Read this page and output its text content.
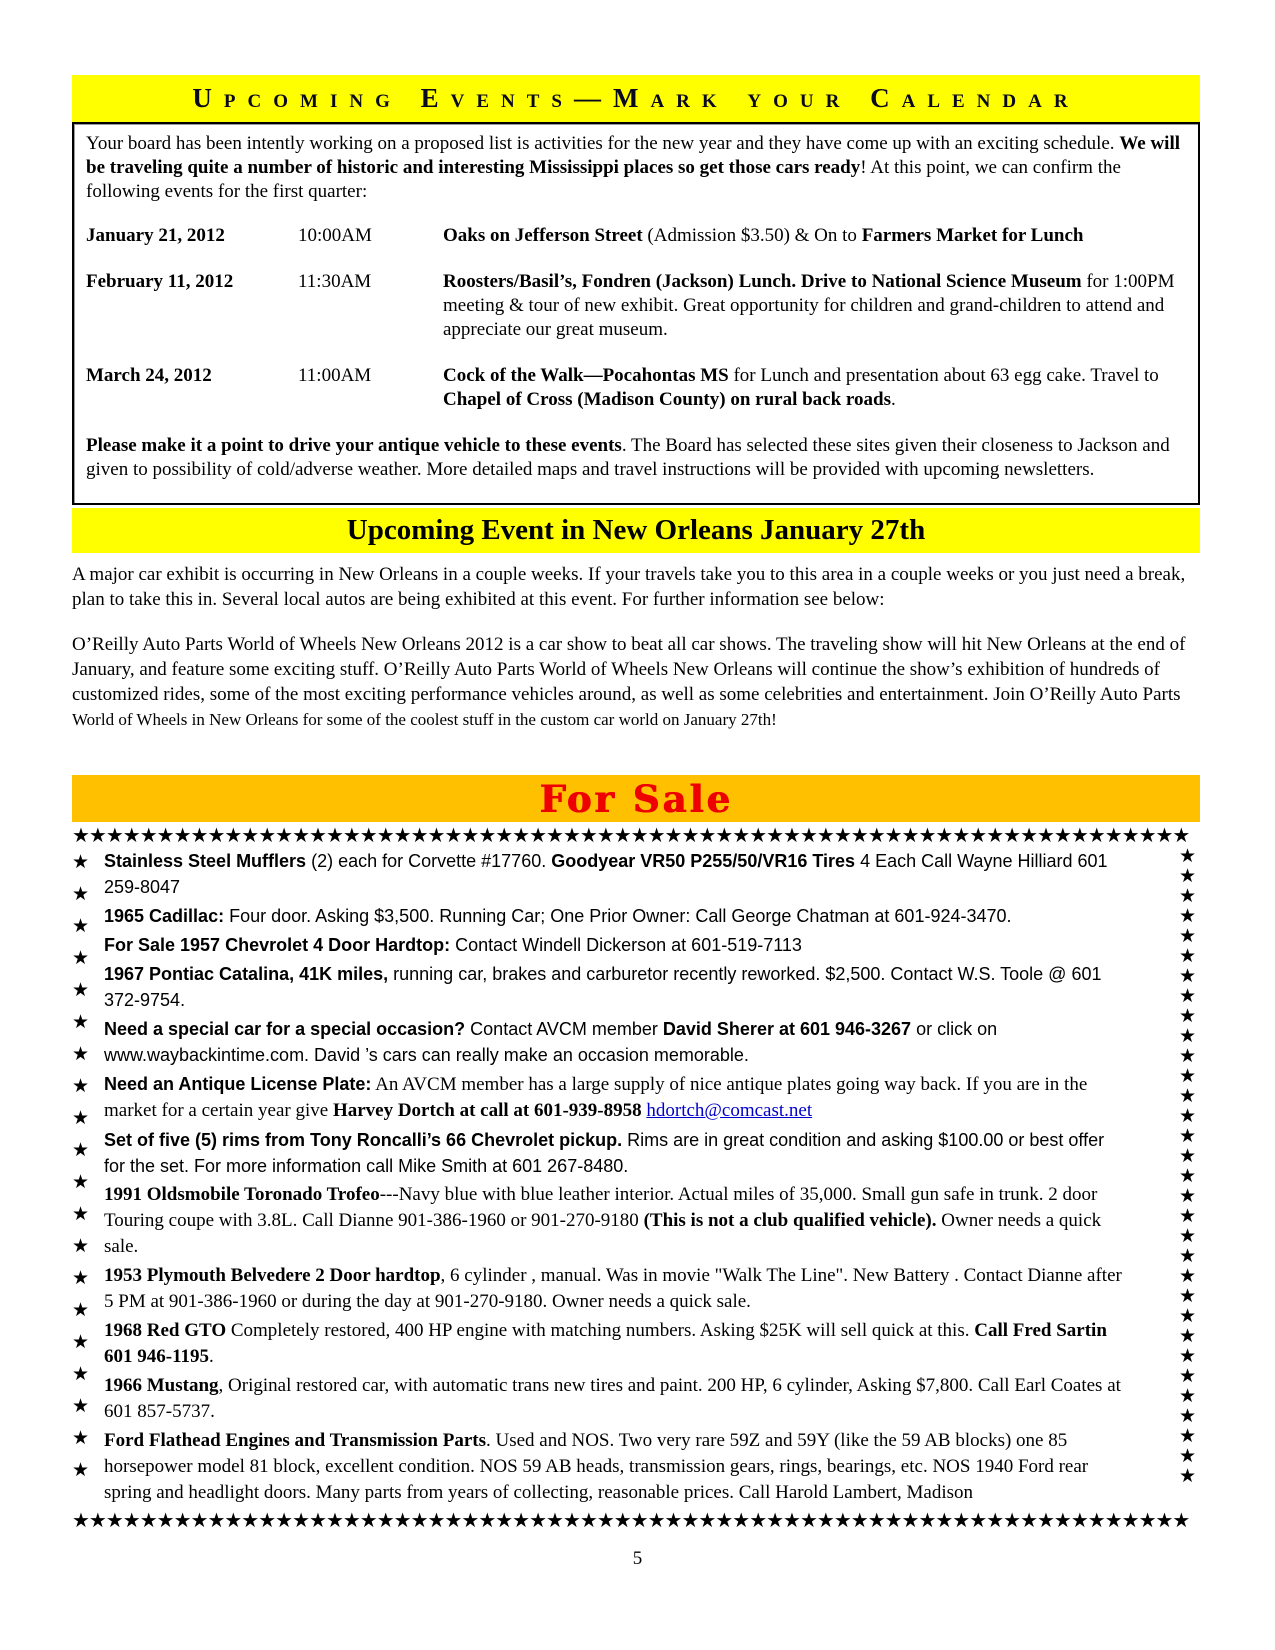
Upcoming Events—Mark your Calendar

Your board has been intently working on a proposed list is activities for the new year and they have come up with an exciting schedule. We will be traveling quite a number of historic and interesting Mississippi places so get those cars ready! At this point, we can confirm the following events for the first quarter:

January 21, 2012	10:00AM	Oaks on Jefferson Street (Admission $3.50) & On to Farmers Market for Lunch
February 11, 2012	11:30AM	Roosters/Basil’s, Fondren (Jackson) Lunch. Drive to National Science Museum for 1:00PM meeting & tour of new exhibit. Great opportunity for children and grand-children to attend and appreciate our great museum.
March 24, 2012	11:00AM	Cock of the Walk—Pocahontas MS for Lunch and presentation about 63 egg cake. Travel to Chapel of Cross (Madison County) on rural back roads.

Please make it a point to drive your antique vehicle to these events. The Board has selected these sites given their closeness to Jackson and given to possibility of cold/adverse weather. More detailed maps and travel instructions will be provided with upcoming newsletters.

Upcoming Event in New Orleans January 27th

A major car exhibit is occurring in New Orleans in a couple weeks. If your travels take you to this area in a couple weeks or you just need a break, plan to take this in. Several local autos are being exhibited at this event. For further information see below:

O’Reilly Auto Parts World of Wheels New Orleans 2012 is a car show to beat all car shows. The traveling show will hit New Orleans at the end of January, and feature some exciting stuff. O’Reilly Auto Parts World of Wheels New Orleans will continue the show’s exhibition of hundreds of customized rides, some of the most exciting performance vehicles around, as well as some celebrities and entertainment. Join O’Reilly Auto Parts World of Wheels in New Orleans for some of the coolest stuff in the custom car world on January 27th!

For Sale
★★★★★★★★★★★★★★★★★★★★★★★★★★★★★★★★★★★★★★★★★★★★★★★★★★★★★★★★★★★★★★★★★★
★
★
★
★
★
★
★
★
★
★
★
★
★
★
★
★
★
★
★
★

Stainless Steel Mufflers (2) each for Corvette #17760. Goodyear VR50 P255/50/VR16 Tires 4 Each Call Wayne Hilliard 601 259-8047

1965 Cadillac: Four door. Asking $3,500. Running Car; One Prior Owner: Call George Chatman at 601-924-3470.

For Sale 1957 Chevrolet 4 Door Hardtop: Contact Windell Dickerson at 601-519-7113

1967 Pontiac Catalina, 41K miles, running car, brakes and carburetor recently reworked. $2,500. Contact W.S. Toole @ 601 372-9754.

Need a special car for a special occasion? Contact AVCM member David Sherer at 601 946-3267 or click on www.waybackintime.com. David ’s cars can really make an occasion memorable.

Need an Antique License Plate: An AVCM member has a large supply of nice antique plates going way back. If you are in the market for a certain year give Harvey Dortch at call at 601-939-8958 hdortch@comcast.net

Set of five (5) rims from Tony Roncalli’s 66 Chevrolet pickup. Rims are in great condition and asking $100.00 or best offer for the set. For more information call Mike Smith at 601 267-8480.

1991 Oldsmobile Toronado Trofeo---Navy blue with blue leather interior. Actual miles of 35,000. Small gun safe in trunk. 2 door Touring coupe with 3.8L. Call Dianne 901-386-1960 or 901-270-9180 (This is not a club qualified vehicle). Owner needs a quick sale.

1953 Plymouth Belvedere 2 Door hardtop, 6 cylinder , manual. Was in movie "Walk The Line". New Battery . Contact Dianne after 5 PM at 901-386-1960 or during the day at 901-270-9180. Owner needs a quick sale.

1968 Red GTO Completely restored, 400 HP engine with matching numbers. Asking $25K will sell quick at this. Call Fred Sartin 601 946-1195.

1966 Mustang, Original restored car, with automatic trans new tires and paint. 200 HP, 6 cylinder, Asking $7,800. Call Earl Coates at 601 857-5737.

Ford Flathead Engines and Transmission Parts. Used and NOS. Two very rare 59Z and 59Y (like the 59 AB blocks) one 85 horsepower model 81 block, excellent condition. NOS 59 AB heads, transmission gears, rings, bearings, etc. NOS 1940 Ford rear spring and headlight doors. Many parts from years of collecting, reasonable prices. Call Harold Lambert, Madison

★
★
★
★
★
★
★
★
★
★
★
★
★
★
★
★
★
★
★
★
★
★
★
★
★
★
★
★
★
★
★
★
★★★★★★★★★★★★★★★★★★★★★★★★★★★★★★★★★★★★★★★★★★★★★★★★★★★★★★★★★★★★★★★★★★
5
